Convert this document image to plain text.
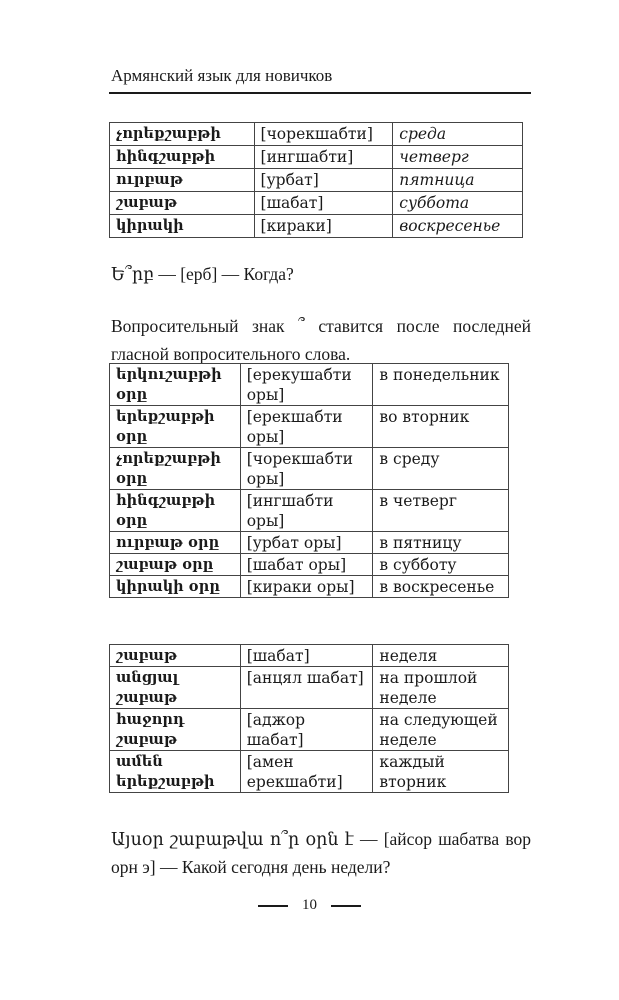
Армянский язык для новичков
չորեքշաբթի	[чорекшабти]	среда
հինգշաբթի	[ингшабти]	четверг
ուրբաթ	[урбат]	пятница
շաբաթ	[шабат]	суббота
կիրակի	[кираки]	воскресенье
Ե՞րբ — [ерб] — Когда?
Вопросительный знак ՞ ставится после последней гласной вопросительного слова.
երկուշաբթի օրը	[ерекушабти оры]	в понедельник
երեքշաբթի օրը	[ерекшабти оры]	во вторник
չորեքշաբթի օրը	[чорекшабти оры]	в среду
հինգշաբթի օրը	[ингшабти оры]	в четверг
ուրբաթ օրը	[урбат оры]	в пятницу
շաբաթ օրը	[шабат оры]	в субботу
կիրակի օրը	[кираки оры]	в воскресенье
շաբաթ	[шабат]	неделя
անցյալ շաբաթ	[анцял шабат]	на прошлой неделе
հաջորդ շաբաթ	[аджор шабат]	на следующей неделе
ամեն երեքշաբթի	[амен ерекшабти]	каждый вторник
Այսօր շաբաթվա ո՞ր օրն է — [айсор шабатва вор орн э] — Какой сегодня день недели?
10
